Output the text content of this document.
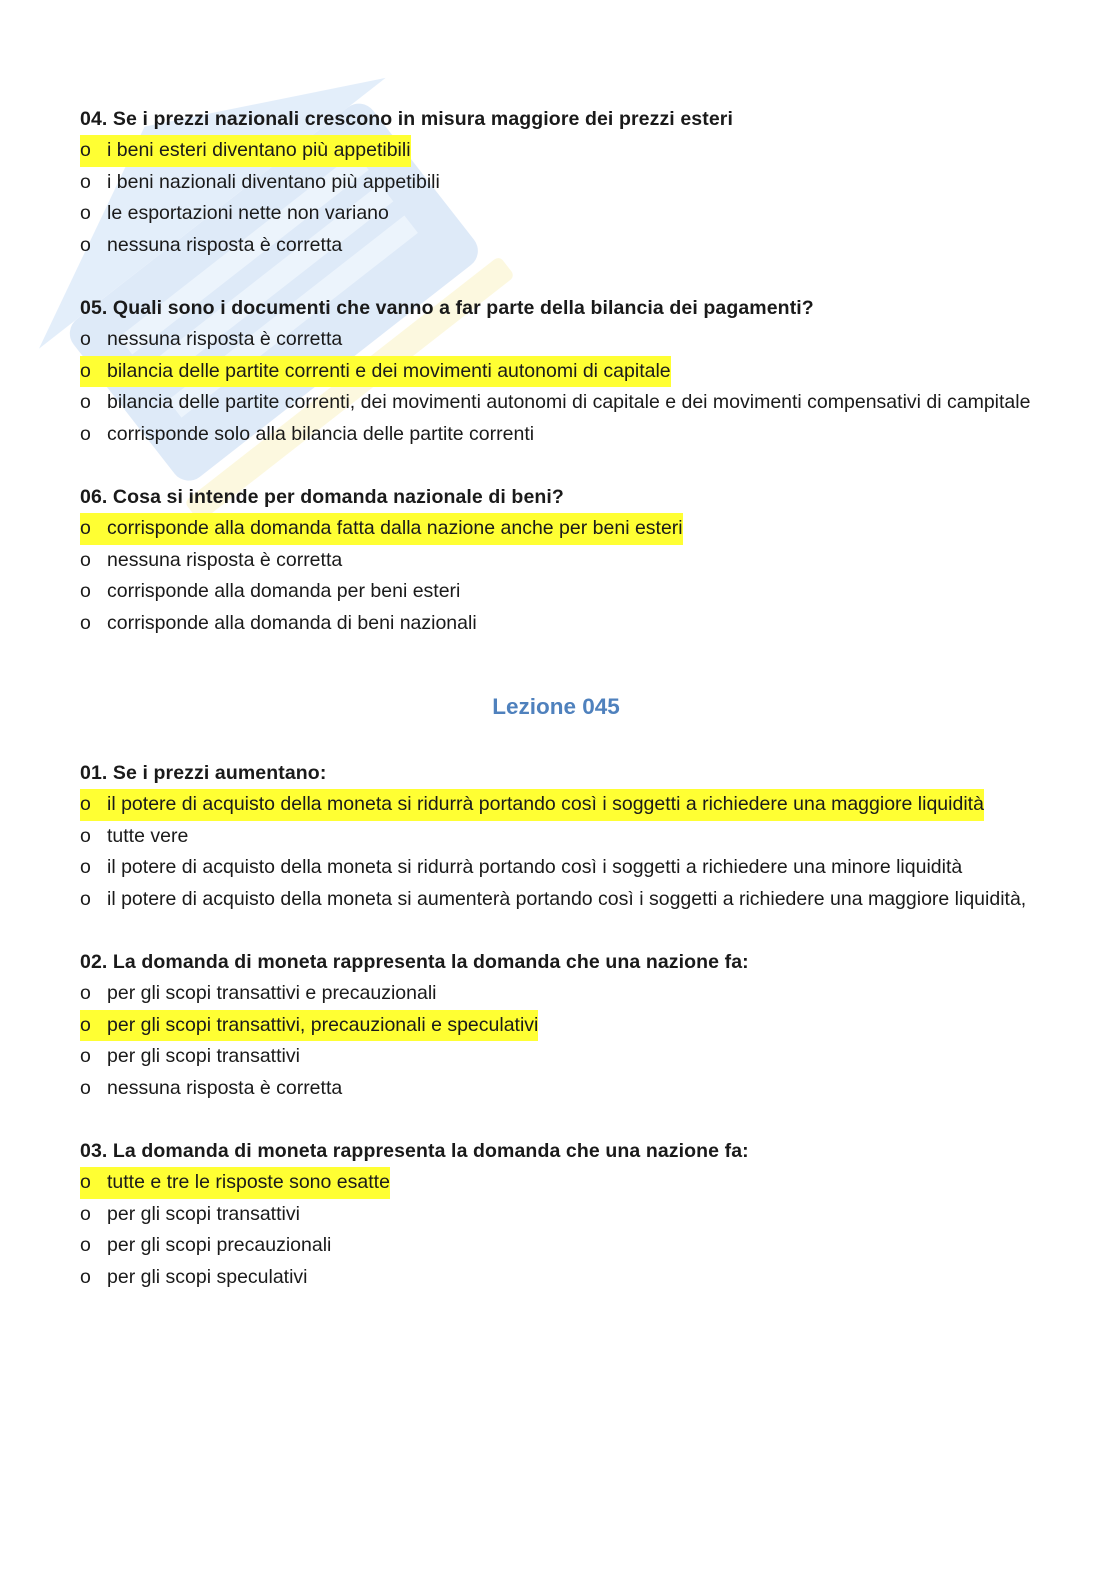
04. Se i prezzi nazionali crescono in misura maggiore dei prezzi esteri

o i beni esteri diventano più appetibili
o i beni nazionali diventano più appetibili
o le esportazioni nette non variano
o nessuna risposta è corretta

05. Quali sono i documenti che vanno a far parte della bilancia dei pagamenti?

o nessuna risposta è corretta
o bilancia delle partite correnti e dei movimenti autonomi di capitale
o bilancia delle partite correnti, dei movimenti autonomi di capitale e dei movimenti compensativi di campitale
o corrisponde solo alla bilancia delle partite correnti

06. Cosa si intende per domanda nazionale di beni?

o corrisponde alla domanda fatta dalla nazione anche per beni esteri
o nessuna risposta è corretta
o corrisponde alla domanda per beni esteri
o corrisponde alla domanda di beni nazionali
Lezione 045

01. Se i prezzi aumentano:

o il potere di acquisto della moneta si ridurrà portando così i soggetti a richiedere una maggiore liquidità
o tutte vere
o il potere di acquisto della moneta si ridurrà portando così i soggetti a richiedere una minore liquidità
o il potere di acquisto della moneta si aumenterà portando così i soggetti a richiedere una maggiore liquidità,

02. La domanda di moneta rappresenta la domanda che una nazione fa:

o per gli scopi transattivi e precauzionali
o per gli scopi transattivi, precauzionali e speculativi
o per gli scopi transattivi
o nessuna risposta è corretta

03. La domanda di moneta rappresenta la domanda che una nazione fa:

o tutte e tre le risposte sono esatte
o per gli scopi transattivi
o per gli scopi precauzionali
o per gli scopi speculativi
